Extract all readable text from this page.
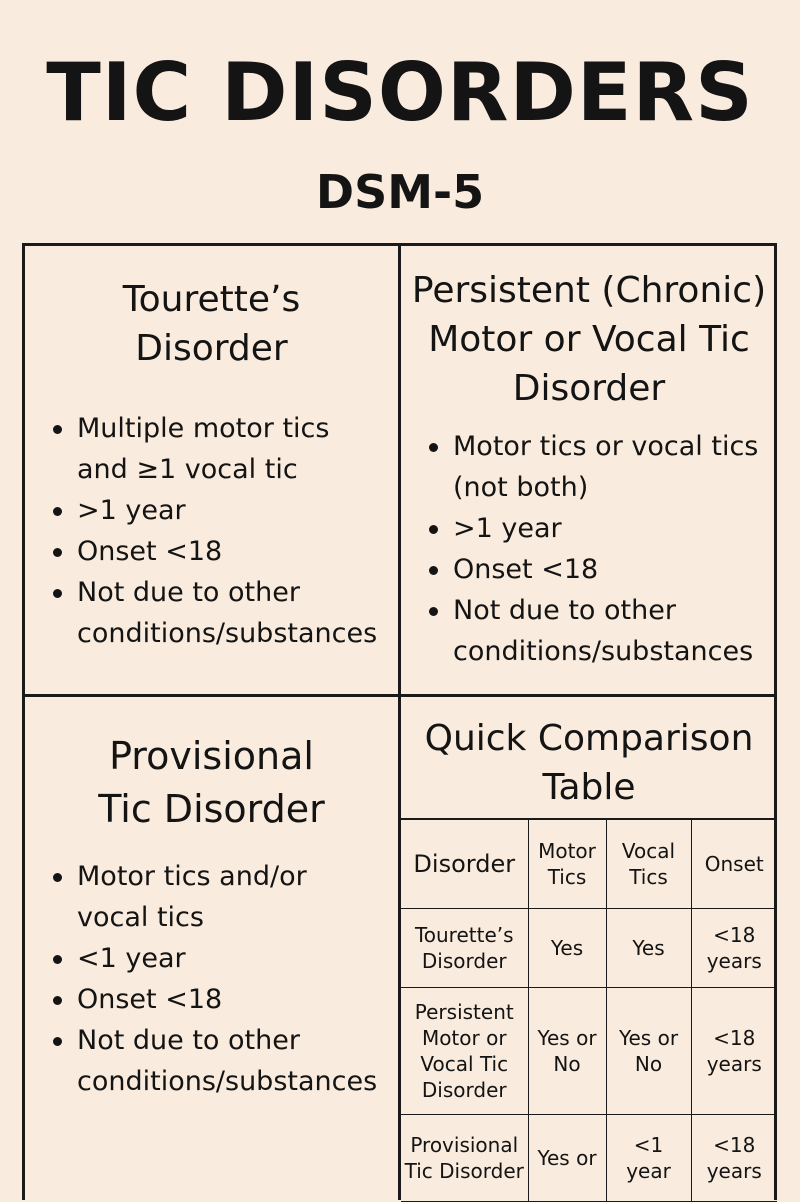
TIC DISORDERS
DSM-5
Tourette’s
Disorder
Multiple motor tics and ≥1 vocal tic
>1 year
Onset <18
Not due to other conditions/substances
Persistent (Chronic)
Motor or Vocal Tic
Disorder
Motor tics or vocal tics (not both)
>1 year
Onset <18
Not due to other conditions/substances
Provisional
Tic Disorder
Motor tics and/or vocal tics
<1 year
Onset <18
Not due to other conditions/substances
Quick Comparison
Table
Disorder	Motor Tics	Vocal Tics	Onset
Tourette’s Disorder	Yes	Yes	<18 years
Persistent Motor or Vocal Tic Disorder	Yes or No	Yes or No	<18 years
Provisional Tic Disorder	Yes or	<1 year	<18 years
